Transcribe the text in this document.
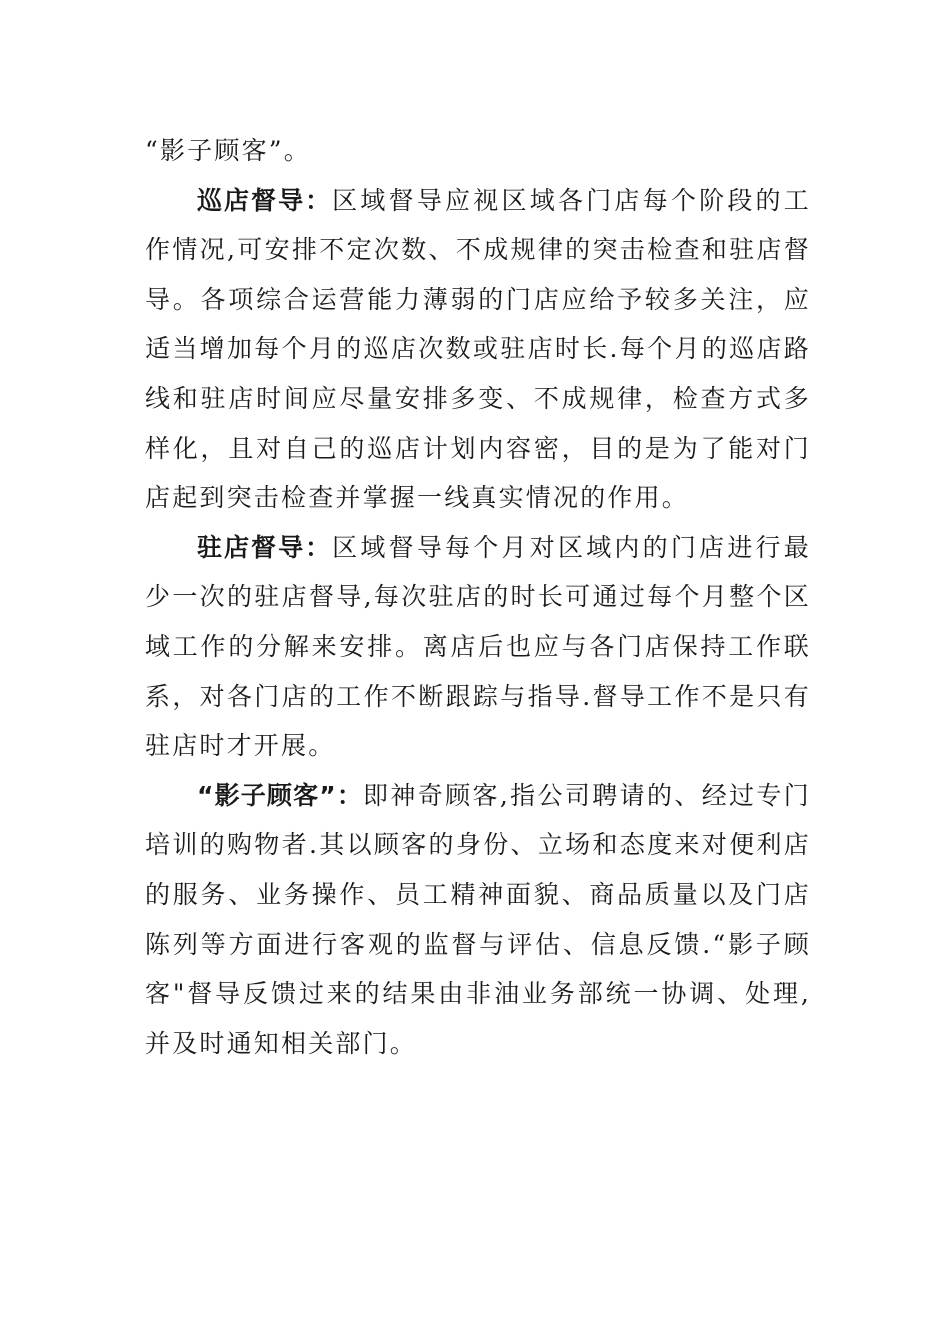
“影子顾客”。

巡店督导：区域督导应视区域各门店每个阶段的工作情况,可安排不定次数、不成规律的突击检查和驻店督导。各项综合运营能力薄弱的门店应给予较多关注，应适当增加每个月的巡店次数或驻店时长.每个月的巡店路线和驻店时间应尽量安排多变、不成规律，检查方式多样化，且对自己的巡店计划内容密，目的是为了能对门店起到突击检查并掌握一线真实情况的作用。

驻店督导：区域督导每个月对区域内的门店进行最少一次的驻店督导,每次驻店的时长可通过每个月整个区域工作的分解来安排。离店后也应与各门店保持工作联系，对各门店的工作不断跟踪与指导.督导工作不是只有驻店时才开展。

“影子顾客”：即神奇顾客,指公司聘请的、经过专门培训的购物者.其以顾客的身份、立场和态度来对便利店的服务、业务操作、员工精神面貌、商品质量以及门店陈列等方面进行客观的监督与评估、信息反馈.“影子顾客"督导反馈过来的结果由非油业务部统一协调、处理,并及时通知相关部门。
